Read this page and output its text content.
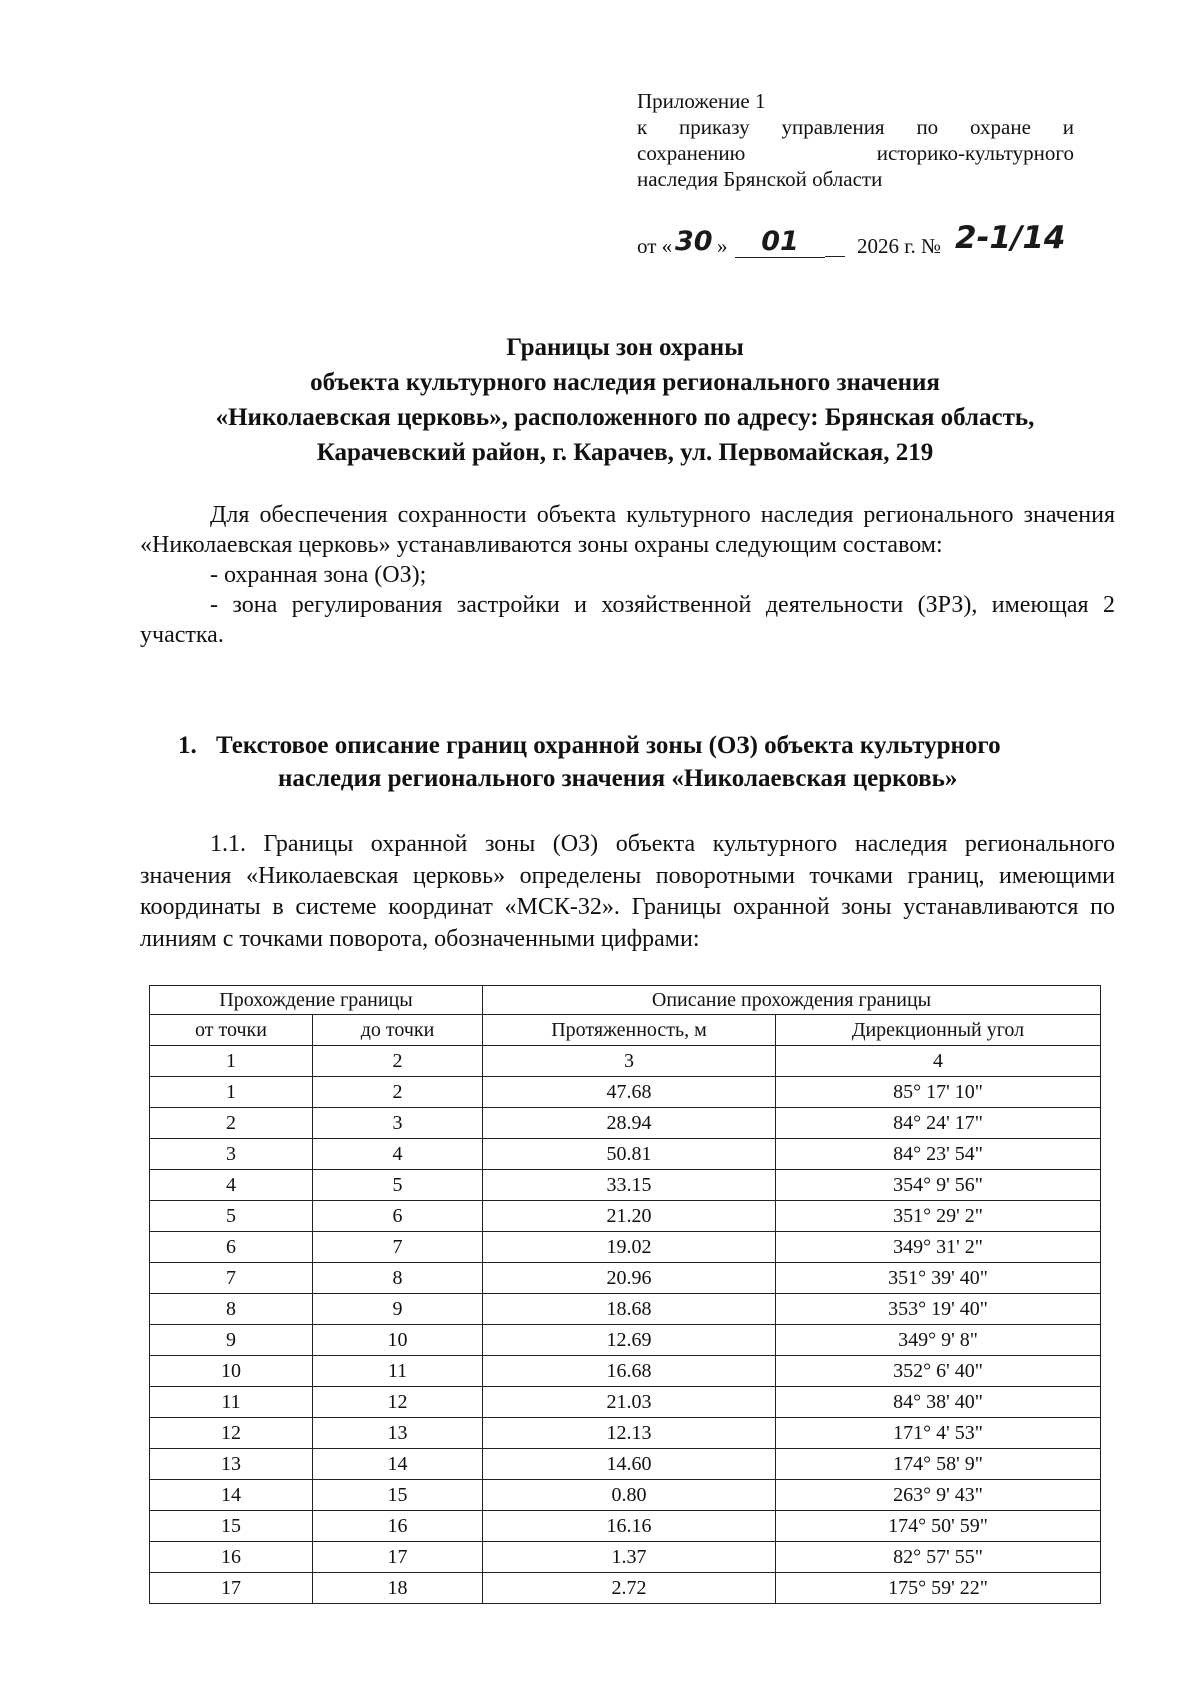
Приложение 1
к приказу управления по охране и
сохранению историко-культурного
наследия Брянской области
от « 30 »	01	2026 г. № 2-1/14
Границы зон охраны
объекта культурного наследия регионального значения
«Николаевская церковь», расположенного по адресу: Брянская область,
Карачевский район, г. Карачев, ул. Первомайская, 219

Для обеспечения сохранности объекта культурного наследия регионального значения «Николаевская церковь» устанавливаются зоны охраны следующим составом:

- охранная зона (ОЗ);

- зона регулирования застройки и хозяйственной деятельности (ЗРЗ), имеющая 2 участка.

1. Текстовое описание границ охранной зоны (ОЗ) объекта культурного
наследия регионального значения «Николаевская церковь»

1.1. Границы охранной зоны (ОЗ) объекта культурного наследия регионального значения «Николаевская церковь» определены поворотными точками границ, имеющими координаты в системе координат «МСК-32». Границы охранной зоны устанавливаются по линиям с точками поворота, обозначенными цифрами:

Прохождение границы		Описание прохождения границы	
от точки	до точки	Протяженность, м	Дирекционный угол
1	2	3	4
1	2	47.68	85° 17' 10"
2	3	28.94	84° 24' 17"
3	4	50.81	84° 23' 54"
4	5	33.15	354° 9' 56"
5	6	21.20	351° 29' 2"
6	7	19.02	349° 31' 2"
7	8	20.96	351° 39' 40"
8	9	18.68	353° 19' 40"
9	10	12.69	349° 9' 8"
10	11	16.68	352° 6' 40"
11	12	21.03	84° 38' 40"
12	13	12.13	171° 4' 53"
13	14	14.60	174° 58' 9"
14	15	0.80	263° 9' 43"
15	16	16.16	174° 50' 59"
16	17	1.37	82° 57' 55"
17	18	2.72	175° 59' 22"
